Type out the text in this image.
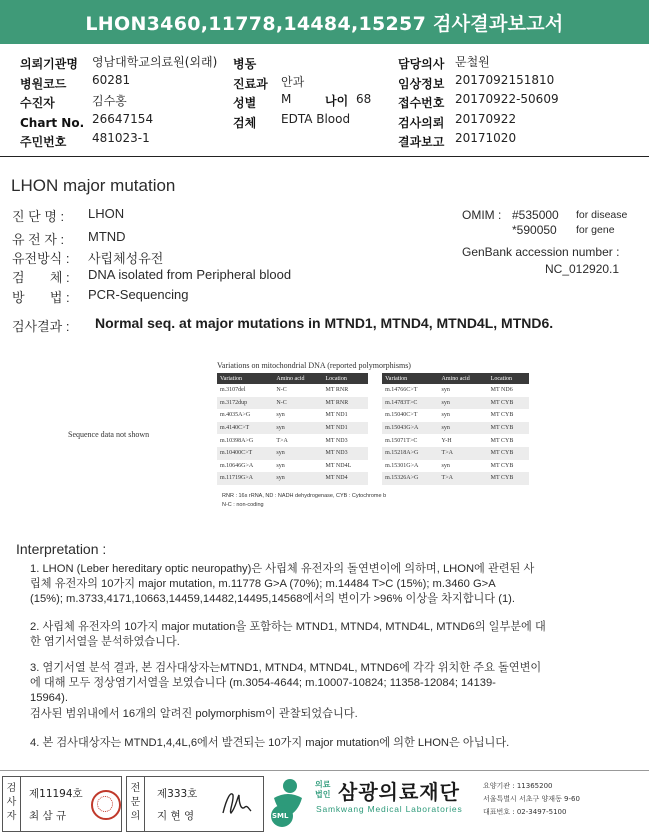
LHON3460,11778,14484,15257 검사결과보고서
의뢰기관명 영남대학교의료원(외래)
병원코드 60281
수진자	김수홍
Chart No. 26647154
주민번호 481023-1
병동
진료과 안과
성별 M	나이 68
검체 EDTA Blood
담당의사 문철원
임상정보 2017092151810
접수번호 20170922-50609
검사의뢰 20170922
결과보고 20171020
LHON major mutation
진 단 명 : LHON
유 전 자 : MTND
유전방식 : 사립체성유전
검       체 : DNA isolated from Peripheral blood
방       법 : PCR-Sequencing
OMIM : #535000 for disease
*590050 for gene
GenBank accession number :
NC_012920.1
검사결과 : Normal seq. at major mutations in MTND1, MTND4, MTND4L, MTND6.
Sequence data not shown
Variations on mitochondrial DNA (reported polymorphisms)
Variation	Amino acid	Location		Variation	Amino acid	Location
m.3107del	N-C	MT RNR		m.14766C>T	syn	MT ND6
m.3172dup	N-C	MT RNR		m.14783T>C	syn	MT CYB
m.4035A>G	syn	MT ND1		m.15040C>T	syn	MT CYB
m.4140C>T	syn	MT ND1		m.15043G>A	syn	MT CYB
m.10398A>G	T>A	MT ND3		m.15071T>C	Y-H	MT CYB
m.10400C>T	syn	MT ND3		m.15218A>G	T>A	MT CYB
m.10646G>A	syn	MT ND4L		m.15301G>A	syn	MT CYB
m.11719G>A	syn	MT ND4		m.15326A>G	T>A	MT CYB
RNR : 16s rRNA, ND : NADH dehydrogenase, CYB : Cytochrome b
N-C : non-coding
Interpretation :
1. LHON (Leber hereditary optic neuropathy)은 사립체 유전자의 돌연변이에 의하며, LHON에 관련된 사
립체 유전자의 10가지 major mutation, m.11778 G>A (70%); m.14484 T>C (15%); m.3460 G>A
(15%); m.3733,4171,10663,14459,14482,14495,14568에서의 변이가 >96% 이상을 차지합니다 (1).
2. 사립체 유전자의 10가지 major mutation을 포함하는 MTND1, MTND4, MTND4L, MTND6의 일부분에 대
한 염기서열을 분석하였습니다.
3. 염기서열 분석 결과, 본 검사대상자는MTND1, MTND4, MTND4L, MTND6에 각각 위치한 주요 돌연변이
에 대해 모두 정상염기서열을 보였습니다 (m.3054-4644; m.10007-10824; 11358-12084; 14139-
15964).
검사된 범위내에서 16개의 알려진 polymorphism이 관찰되었습니다.
4. 본 검사대상자는 MTND1,4,4L,6에서 발견되는 10가지 major mutation에 의한 LHON은 아닙니다.
검
사
자
제11194호
최 삼 규
전
문
의
제333호
지 현 영	SML
의료
법인 삼광의료재단
Samkwang Medical Laboratories
요양기관 : 11365200
서울특별시 서초구 양재동 9-60
대표번호 : 02-3497-5100
